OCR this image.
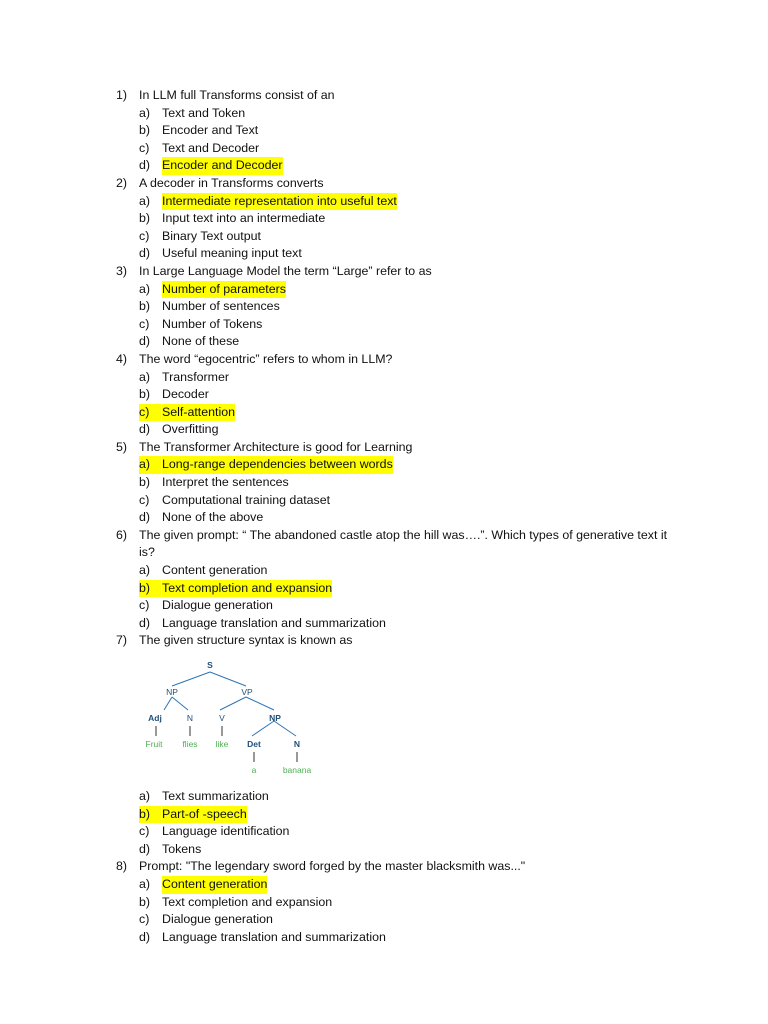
1) In LLM full Transforms consist of an
a) Text and Token
b) Encoder and Text
c)	Text and Decoder
d) Encoder and Decoder
2) A decoder in Transforms converts
a) Intermediate representation into useful text
b) Input text into an intermediate
c)	Binary Text output
d) Useful meaning input text
3) In Large Language Model the term “Large” refer to as
a) Number of parameters
b) Number of sentences
c)	Number of Tokens
d) None of these
4) The word “egocentric” refers to whom in LLM?
a) Transformer
b) Decoder
c)	Self-attention
d) Overfitting
5) The Transformer Architecture is good for Learning
a) Long-range dependencies between words
b) Interpret the sentences
c)	Computational training dataset
d) None of the above
6) The given prompt: “ The abandoned castle atop the hill was….”. Which types of generative text it is?
a) Content generation
b) Text completion and expansion
c)	Dialogue generation
d) Language translation and summarization
7) The given structure syntax is known as
S
NP	VP
Adj	N	V	NP
Fruit flies like Det	N
a	banana
a) Text summarization
b) Part-of -speech
c)	Language identification
d) Tokens
8) Prompt: "The legendary sword forged by the master blacksmith was..."
a) Content generation
b) Text completion and expansion
c)	Dialogue generation
d) Language translation and summarization
